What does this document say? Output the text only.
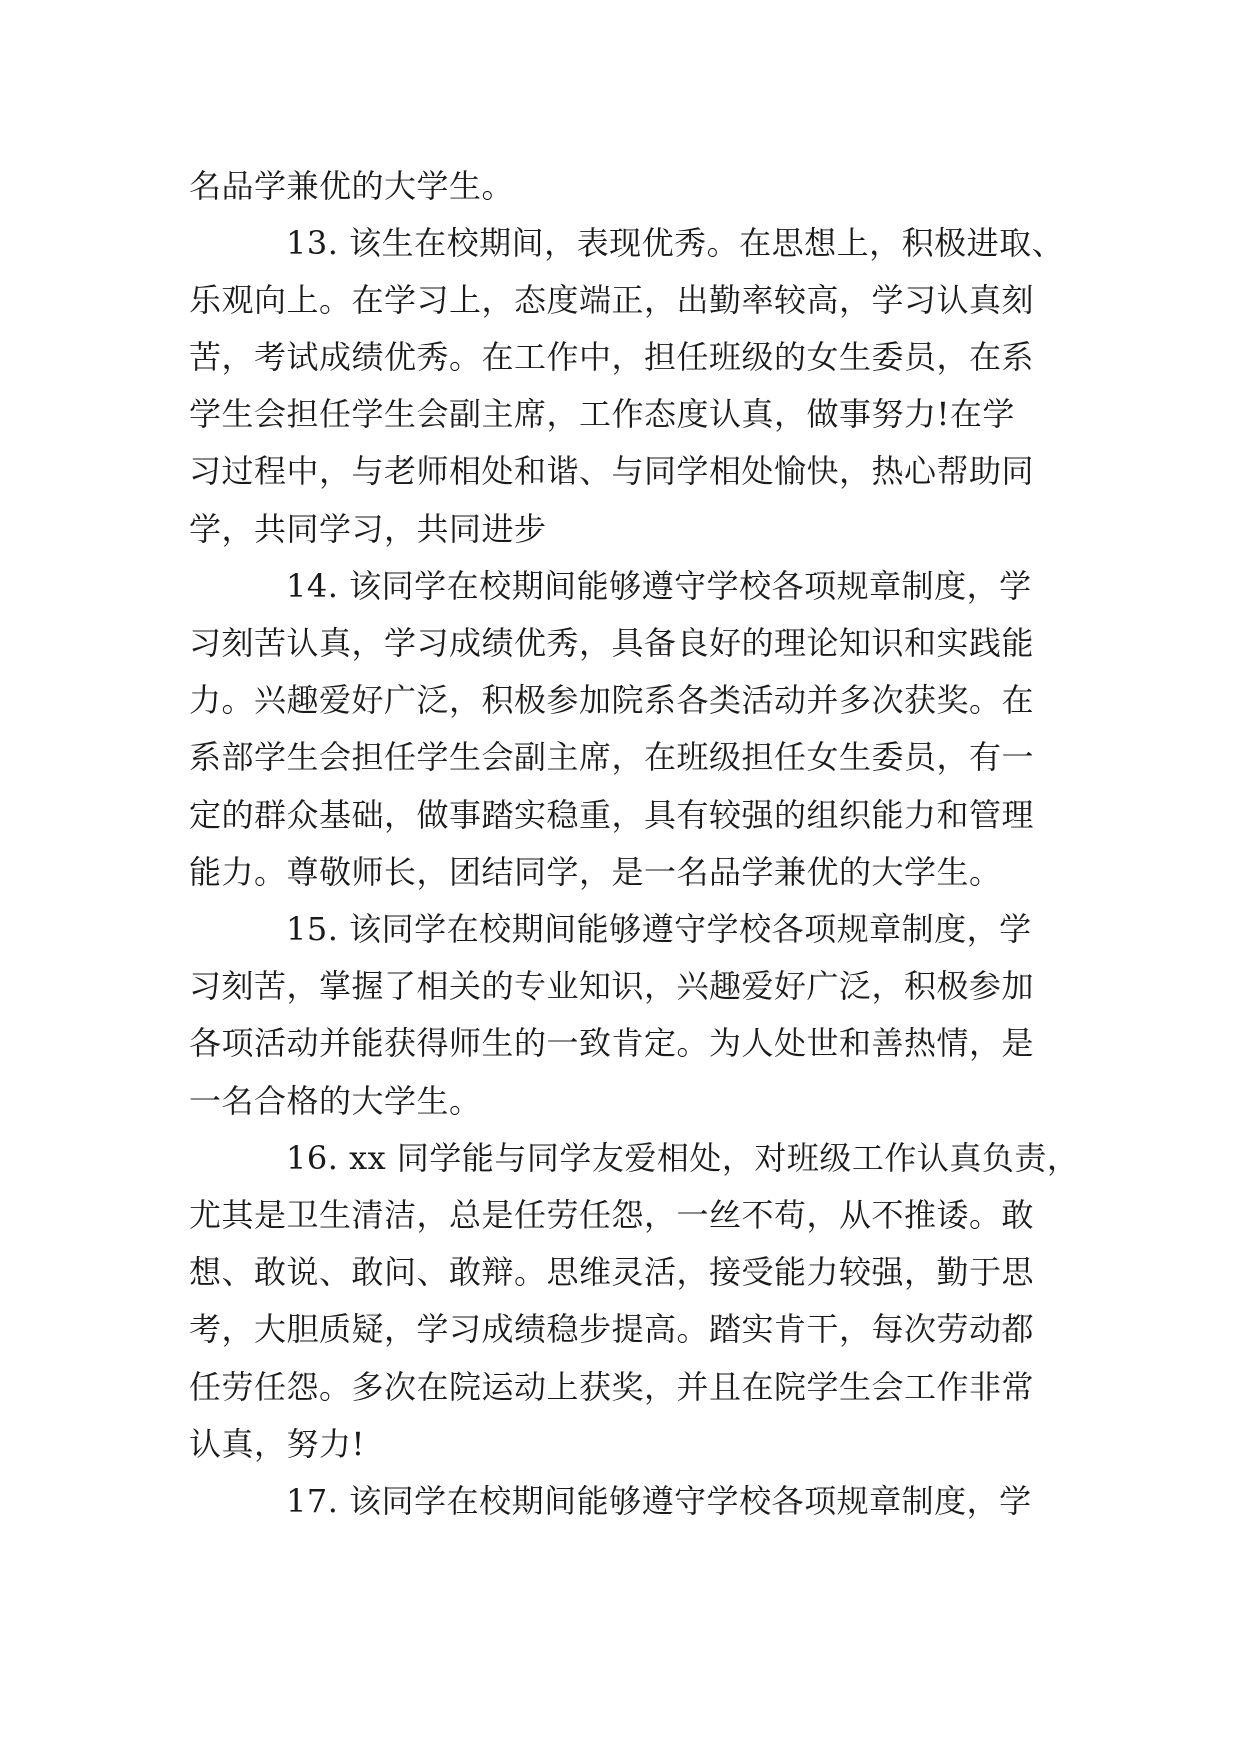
名品学兼优的大学生。
13. 该生在校期间，表现优秀。在思想上，积极进取、
乐观向上。在学习上，态度端正，出勤率较高，学习认真刻
苦，考试成绩优秀。在工作中，担任班级的女生委员，在系
学生会担任学生会副主席，工作态度认真，做事努力!在学
习过程中，与老师相处和谐、与同学相处愉快，热心帮助同
学，共同学习，共同进步
14. 该同学在校期间能够遵守学校各项规章制度，学
习刻苦认真，学习成绩优秀，具备良好的理论知识和实践能
力。兴趣爱好广泛，积极参加院系各类活动并多次获奖。在
系部学生会担任学生会副主席，在班级担任女生委员，有一
定的群众基础，做事踏实稳重，具有较强的组织能力和管理
能力。尊敬师长，团结同学，是一名品学兼优的大学生。
15. 该同学在校期间能够遵守学校各项规章制度，学
习刻苦，掌握了相关的专业知识，兴趣爱好广泛，积极参加
各项活动并能获得师生的一致肯定。为人处世和善热情，是
一名合格的大学生。
16. xx 同学能与同学友爱相处，对班级工作认真负责，
尤其是卫生清洁，总是任劳任怨，一丝不苟，从不推诿。敢
想、敢说、敢问、敢辩。思维灵活，接受能力较强，勤于思
考，大胆质疑，学习成绩稳步提高。踏实肯干，每次劳动都
任劳任怨。多次在院运动上获奖，并且在院学生会工作非常
认真，努力!
17. 该同学在校期间能够遵守学校各项规章制度，学
